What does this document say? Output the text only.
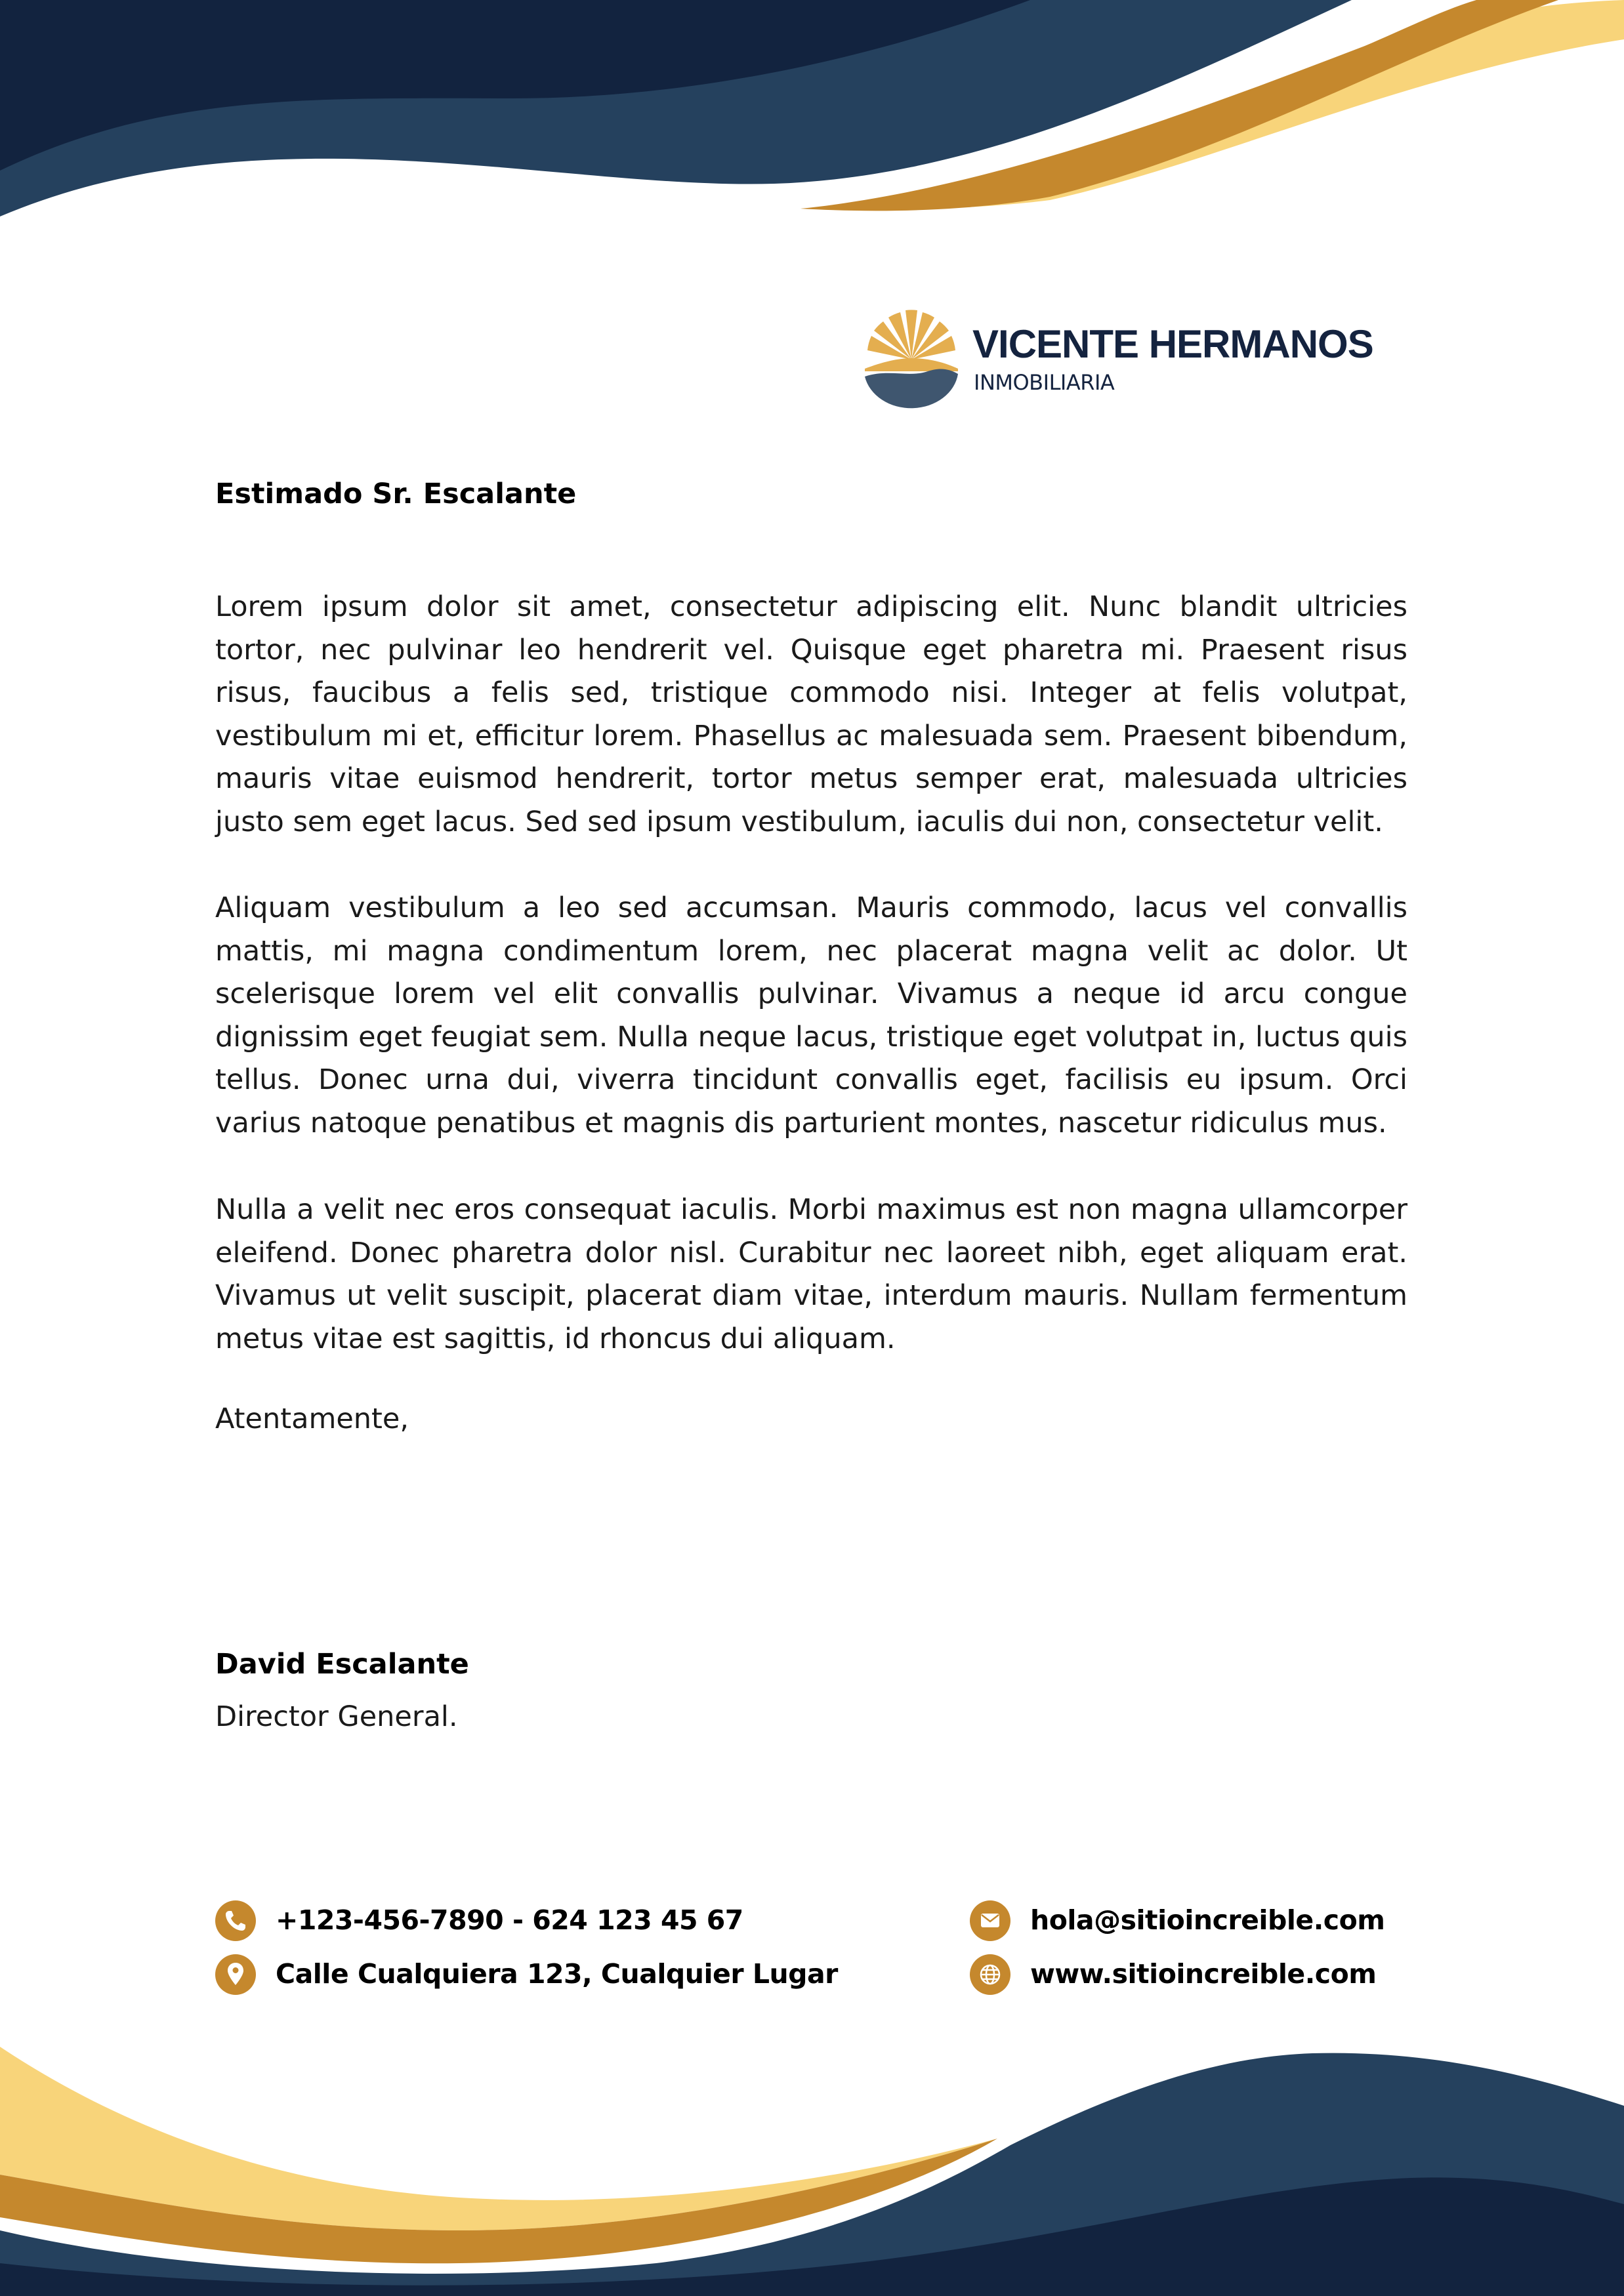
VICENTE HERMANOS
INMOBILIARIA
Estimado Sr. Escalante

Lorem ipsum dolor sit amet, consectetur adipiscing elit. Nunc blandit ultricies tortor, nec pulvinar leo hendrerit vel. Quisque eget pharetra mi. Praesent risus risus, faucibus a felis sed, tristique commodo nisi. Integer at felis volutpat, vestibulum mi et, efficitur lorem. Phasellus ac malesuada sem. Praesent bibendum, mauris vitae euismod hendrerit, tortor metus semper erat, malesuada ultricies justo sem eget lacus. Sed sed ipsum vestibulum, iaculis dui non, consectetur velit.

Aliquam vestibulum a leo sed accumsan. Mauris commodo, lacus vel convallis mattis, mi magna condimentum lorem, nec placerat magna velit ac dolor. Ut scelerisque lorem vel elit convallis pulvinar. Vivamus a neque id arcu congue dignissim eget feugiat sem. Nulla neque lacus, tristique eget volutpat in, luctus quis tellus. Donec urna dui, viverra tincidunt convallis eget, facilisis eu ipsum. Orci varius natoque penatibus et magnis dis parturient montes, nascetur ridiculus mus.

Nulla a velit nec eros consequat iaculis. Morbi maximus est non magna ullamcorper eleifend. Donec pharetra dolor nisl. Curabitur nec laoreet nibh, eget aliquam erat. Vivamus ut velit suscipit, placerat diam vitae, interdum mauris. Nullam fermentum metus vitae est sagittis, id rhoncus dui aliquam.

Atentamente,
David Escalante
Director General.
+123-456-7890 - 624 123 45 67
Calle Cualquiera 123, Cualquier Lugar
hola@sitioincreible.com
www.sitioincreible.com
